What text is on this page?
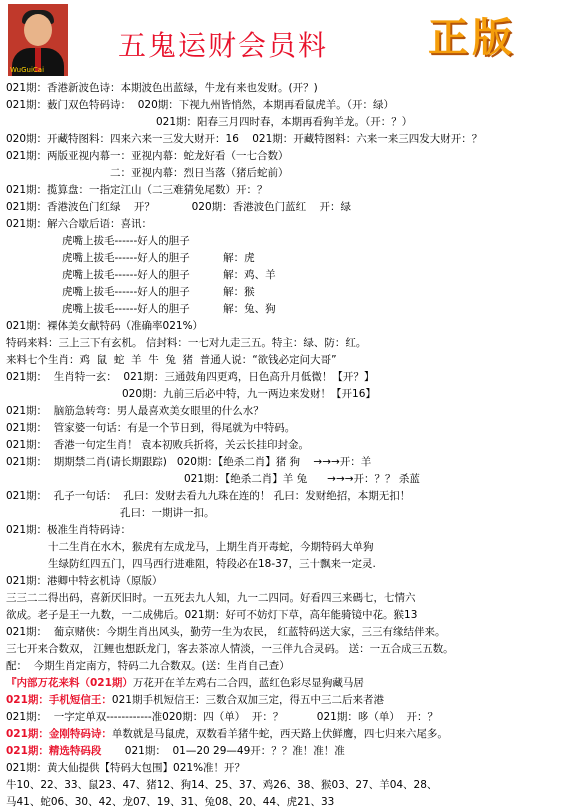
WuGuiCai
五鬼运财会员料 正版
021期：香港新波色诗：本期波色出蓝绿，牛龙有来也发财。(开？)
021期：薮门双色特码诗：  020期：下视九州皆悄然，本期再看鼠虎羊。（开：绿）
021期：阳春三月四时春，本期再看狗羊龙。（开：？）
020期：开藏特图料：四来六来一三发大财开：16    021期：开藏特图料：六来一来三四发大财开：？
021期：两版亚视内幕一：亚视内幕：蛇龙好看（一七合数）
二：亚视内幕：烈日当落（猪后蛇前）
021期：揽算盘：一指定江山（二三难猜免尾数）开：？
021期：香港波色门红绿    开？           020期：香港波色门蓝红    开：绿
021期：解六合歇后语：喜讯：
虎嘴上拔毛------好人的胆子
虎嘴上拔毛------好人的胆子          解：虎
虎嘴上拔毛------好人的胆子          解：鸡、羊
虎嘴上拔毛------好人的胆子          解：猴
虎嘴上拔毛------好人的胆子          解：兔、狗
021期：裸体美女献特码（准确率021%）
特码来料：三上三下有玄机。 信封料：一七对九走三五。特主：绿、防：红。
来料七个生肖：鸡  鼠  蛇  羊  牛  兔  猪  普通人说：“欲钱必定问大哥”
021期：  生肖特一玄：  021期：三通鼓角四更鸡，日色高升月低微！【开？】
020期：九前三后必中特，九一两边来发财！【开16】
021期：  脑筋急转弯：男人最喜欢美女眼里的什么水？
021期：  管家婆一句话：有是一个节日到，得尾就为中特码。
021期：  香港一句定生肖！ 袁本初败兵折将，关云长挂印封金。
021期：  期期禁二肖(请长期跟踪)   020期：【绝杀二肖】猪 狗    →→→开：羊
021期：【绝杀二肖】羊 兔      →→→开：？？ 杀蓝
021期：  孔子一句话：  孔曰：发财去看九九珠在连的！ 孔曰：发财绝招，本期无扣！
孔曰：一期讲一扣。
021期：极准生肖特码诗：
十二生肖在水木，猴虎有左成龙马，上期生肖开毒蛇，今期特码大单狗
生绿防红四五门，四马西行进难阻，特段必在18-37，三十飘来一定灵.
021期：港卿中特玄机诗（原版）
三三二二得出码，喜新厌旧时。一五死去九人知，九一二四同。好看四三来碼七，七情六
欲成。老子是王一九数，一二成佛后。021期：好可不妨灯下草，高年能骑镜中花。猴13
021期：  葡京赌侠：今期生肖出风头，勤劳一生为农民， 红蓝特码送大家，三三有缘结伴来。
三七开来合数双， 江鲤也想跃龙门，客去茶凉人情淡，一三伴九合灵码。 送：一五合成三五数。
配：  今期生肖定南方，特码二九合数双。(送：生肖自己查）
『内部万花来料（021期）万花开在羊左鸡右二合四，蓝红色彩尽显狗藏马居
021期：手机短信王：021期手机短信王：三数合双加三定，得五中三二后来者港
021期：  一字定单双------------准020期：四（单）  开：？          021期：哆（单）  开：？
021期：金刚特码诗：单数就是马鼠虎，双数看羊猪牛蛇，西天路上伏鲜鹰，四七归来六尾多。
021期：精选特码段       021期：  01—20 29—49开：？？准！准！准
021期：黄大仙提供【特码大包围】021%准！开？
牛10、22、33、鼠23、47、猪12、狗14、25、37、鸡26、38、猴03、27、羊04、28、
马41、蛇06、30、42、龙07、19、31、兔08、20、44、虎21、33
